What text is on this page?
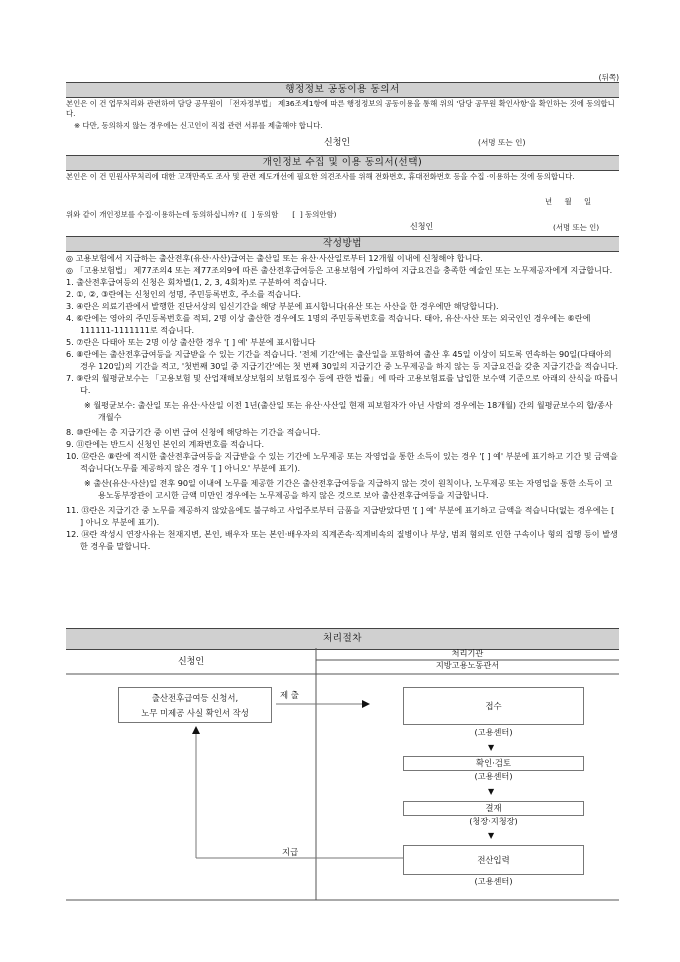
(뒤쪽)
행정정보 공동이용 동의서
본인은 이 건 업무처리와 관련하여 담당 공무원이 「전자정부법」 제36조제1항에 따른 행정정보의 공동이용을 통해 위의 '담당 공무원 확인사항'을 확인하는 것에 동의합니다.
※ 다만, 동의하지 않는 경우에는 신고인이 직접 관련 서류를 제출해야 합니다.
신청인	(서명 또는 인)
개인정보 수집 및 이용 동의서(선택)
본인은 이 건 민원사무처리에 대한 고객만족도 조사 및 관련 제도개선에 필요한 의견조사를 위해 전화번호, 휴대전화번호 등을 수집 ·이용하는 것에 동의합니다.
년 월 일
위와 같이 개인정보를 수집·이용하는데 동의하십니까? ([  ] 동의함      [  ] 동의안함)
신청인	(서명 또는 인)
작성방법

◎ 고용보험에서 지급하는 출산전후(유산·사산)급여는 출산일 또는 유산·사산일로부터 12개월 이내에 신청해야 합니다.

◎ 「고용보험법」 제77조의4 또는 제77조의9에 따른 출산전후급여등은 고용보험에 가입하여 지급요건을 충족한 예술인 또는 노무제공자에게 지급합니다.

1. 출산전후급여등의 신청은 회차별(1, 2, 3, 4회차)로 구분하여 적습니다.

2. ①, ②, ③란에는 신청인의 성명, 주민등록번호, 주소를 적습니다.

3. ④란은 의료기관에서 발행한 진단서상의 임신기간을 해당 부분에 표시합니다(유산 또는 사산을 한 경우에만 해당합니다).

4. ⑥란에는 영아의 주민등록번호를 적되, 2명 이상 출산한 경우에도 1명의 주민등록번호를 적습니다. 태아, 유산·사산 또는 외국인인 경우에는 ⑥란에 111111-1111111로 적습니다.

5. ⑦란은 다태아 또는 2명 이상 출산한 경우 '[ ] 예' 부분에 표시합니다

6. ⑧란에는 출산전후급여등을 지급받을 수 있는 기간을 적습니다. '전체 기간'에는 출산일을 포함하여 출산 후 45일 이상이 되도록 연속하는 90일(다태아의 경우 120일)의 기간을 적고, '첫번째 30일 중 지급기간'에는 첫 번째 30일의 지급기간 중 노무제공을 하지 않는 등 지급요건을 갖춘 지급기간을 적습니다.

7. ⑨란의 월평균보수는 「고용보험 및 산업재해보상보험의 보험료징수 등에 관한 법률」에 따라 고용보험료를 납입한 보수액 기준으로 아래의 산식을 따릅니다.

※ 월평균보수: 출산일 또는 유산·사산일 이전 1년(출산일 또는 유산·사산일 현재 피보험자가 아닌 사람의 경우에는 18개월) 간의 월평균보수의 합/종사개월수

8. ⑩란에는 총 지급기간 중 이번 급여 신청에 해당하는 기간을 적습니다.

9. ⑪란에는 반드시 신청인 본인의 계좌번호를 적습니다.

10. ⑫란은 ⑧란에 적시한 출산전후급여등을 지급받을 수 있는 기간에 노무제공 또는 자영업을 통한 소득이 있는 경우 '[ ] 예' 부분에 표기하고 기간 및 금액을 적습니다(노무를 제공하지 않은 경우 '[ ] 아니오' 부분에 표기).

※ 출산(유산·사산)일 전후 90일 이내에 노무를 제공한 기간은 출산전후급여등을 지급하지 않는 것이 원칙이나, 노무제공 또는 자영업을 통한 소득이 고용노동부장관이 고시한 금액 미만인 경우에는 노무제공을 하지 않은 것으로 보아 출산전후급여등을 지급합니다.

11. ⑬란은 지급기간 중 노무를 제공하지 않았음에도 불구하고 사업주로부터 금품을 지급받았다면 '[ ] 예' 부분에 표기하고 금액을 적습니다(없는 경우에는 [ ] 아니오 부분에 표기).

12. ⑭란 작성시 연장사유는 천재지변, 본인, 배우자 또는 본인·배우자의 직계존속·직계비속의 질병이나 부상, 범죄 혐의로 인한 구속이나 형의 집행 등이 발생한 경우를 말합니다.

처리절차
신청인
처리기관
지방고용노동관서
출산전후급여등 신청서,
노무 미제공 사실 확인서 작성
제 출
지급
접수
(고용센터)
▼
확인·검토
(고용센터)
▼
결재
(청장·지청장)
▼
전산입력
(고용센터)
